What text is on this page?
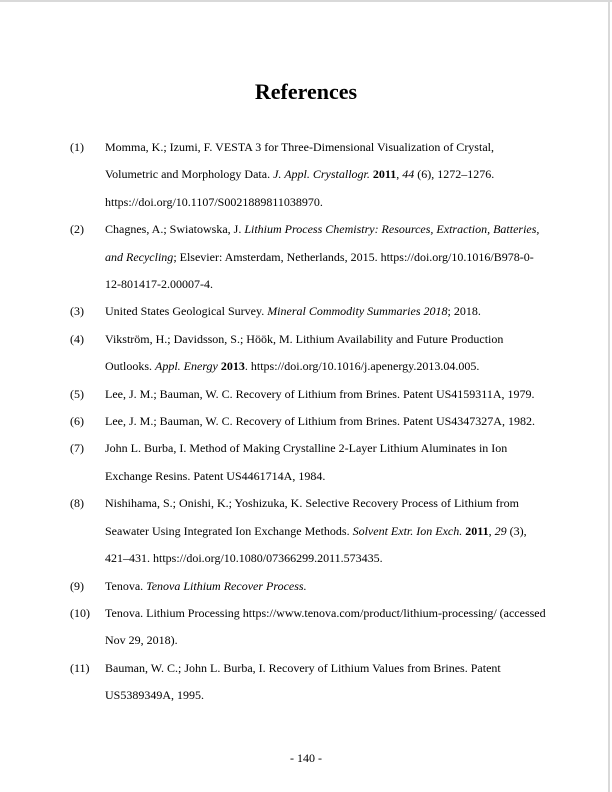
References
(1)	Momma, K.; Izumi, F. VESTA 3 for Three-Dimensional Visualization of Crystal, Volumetric and Morphology Data. J. Appl. Crystallogr. 2011, 44 (6), 1272–1276. https://doi.org/10.1107/S0021889811038970.
(2)	Chagnes, A.; Swiatowska, J. Lithium Process Chemistry: Resources, Extraction, Batteries, and Recycling; Elsevier: Amsterdam, Netherlands, 2015. https://doi.org/10.1016/B978-0-12-801417-2.00007-4.
(3)	United States Geological Survey. Mineral Commodity Summaries 2018; 2018.
(4)	Vikström, H.; Davidsson, S.; Höök, M. Lithium Availability and Future Production Outlooks. Appl. Energy 2013. https://doi.org/10.1016/j.apenergy.2013.04.005.
(5)	Lee, J. M.; Bauman, W. C. Recovery of Lithium from Brines. Patent US4159311A, 1979.
(6)	Lee, J. M.; Bauman, W. C. Recovery of Lithium from Brines. Patent US4347327A, 1982.
(7)	John L. Burba, I. Method of Making Crystalline 2-Layer Lithium Aluminates in Ion Exchange Resins. Patent US4461714A, 1984.
(8)	Nishihama, S.; Onishi, K.; Yoshizuka, K. Selective Recovery Process of Lithium from Seawater Using Integrated Ion Exchange Methods. Solvent Extr. Ion Exch. 2011, 29 (3), 421–431. https://doi.org/10.1080/07366299.2011.573435.
(9)	Tenova. Tenova Lithium Recover Process.
(10)	Tenova. Lithium Processing https://www.tenova.com/product/lithium-processing/ (accessed Nov 29, 2018).
(11)	Bauman, W. C.; John L. Burba, I. Recovery of Lithium Values from Brines. Patent US5389349A, 1995.
- 140 -
